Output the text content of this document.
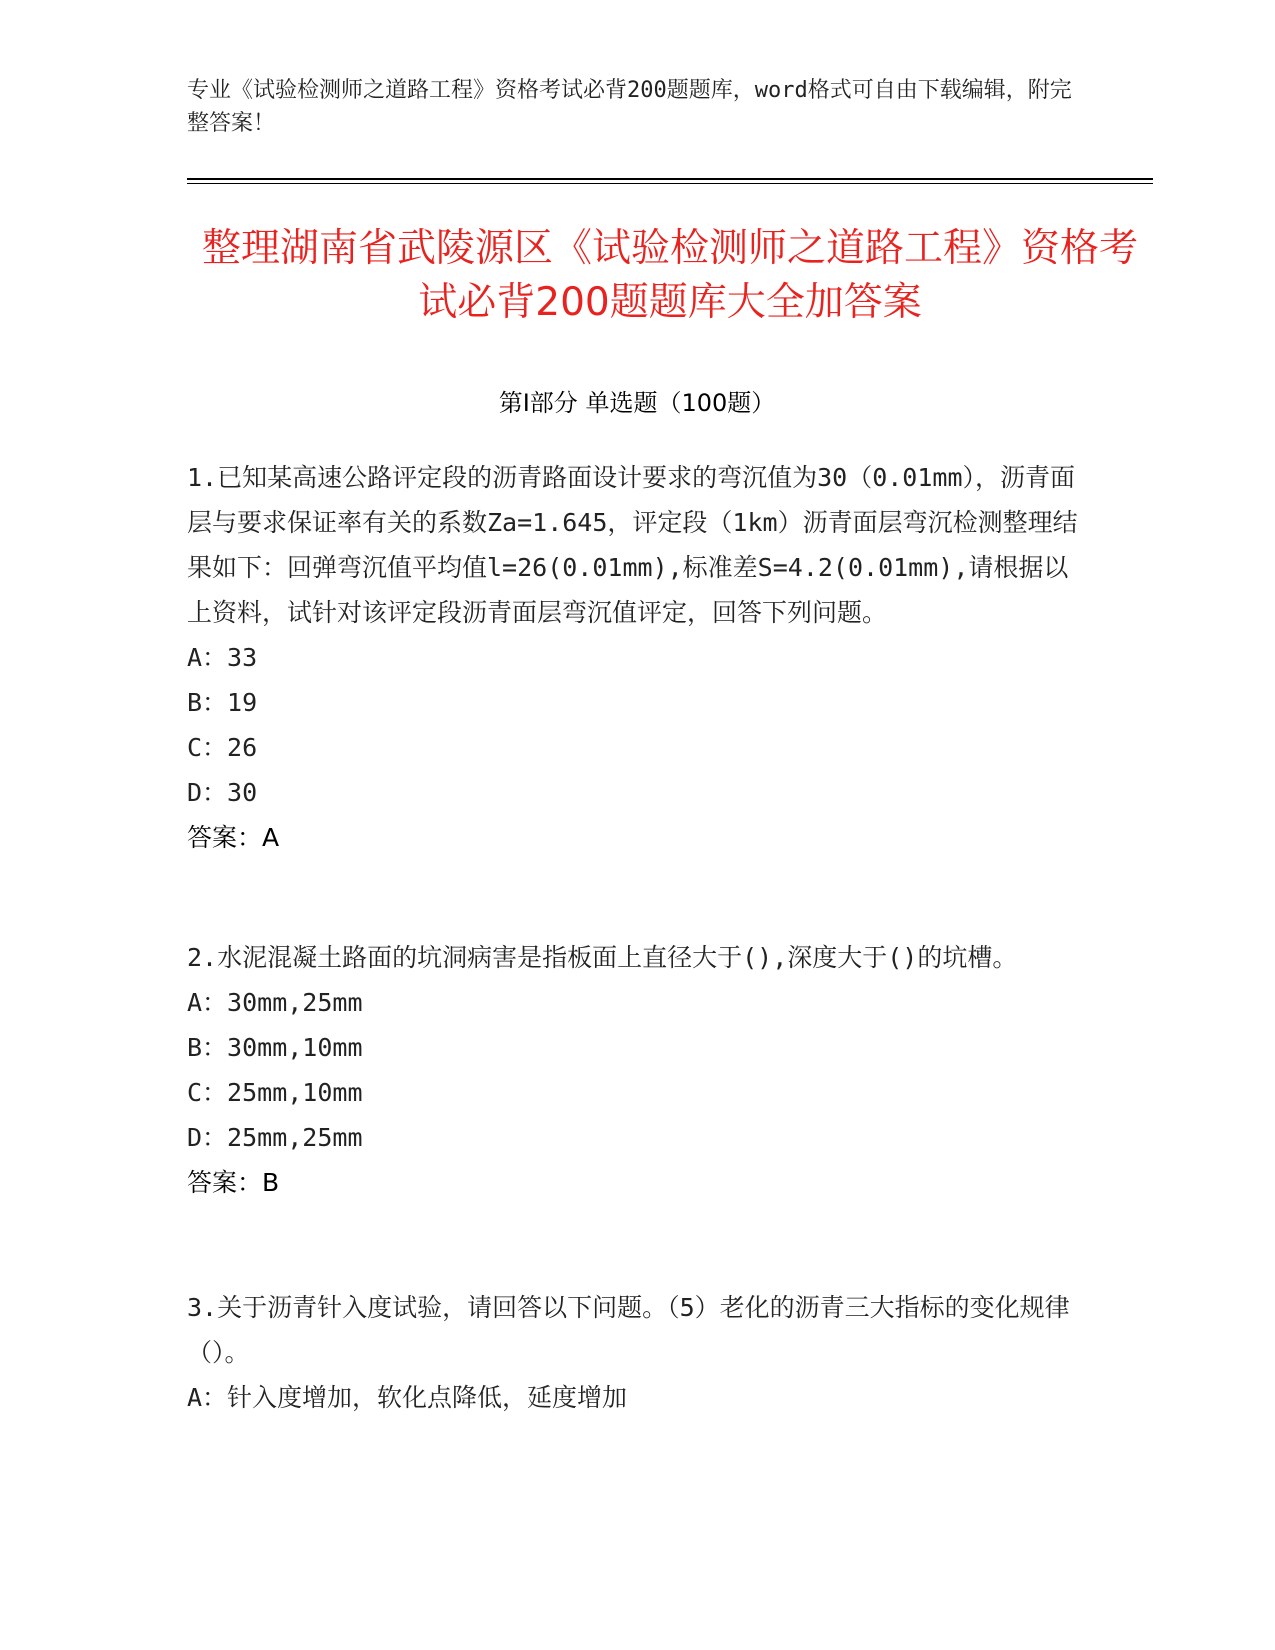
专业《试验检测师之道路工程》资格考试必背200题题库，word格式可自由下载编辑，附完整答案！
整理湖南省武陵源区《试验检测师之道路工程》资格考试必背200题题库大全加答案
第Ⅰ部分 单选题（100题）
1.已知某高速公路评定段的沥青路面设计要求的弯沉值为30（0.01mm），沥青面层与要求保证率有关的系数Za=1.645，评定段（1km）沥青面层弯沉检测整理结果如下：回弹弯沉值平均值l=26(0.01mm),标准差S=4.2(0.01mm),请根据以上资料，试针对该评定段沥青面层弯沉值评定，回答下列问题。
A：33
B：19
C：26
D：30
答案：A
2.水泥混凝土路面的坑洞病害是指板面上直径大于(),深度大于()的坑槽。
A：30mm,25mm
B：30mm,10mm
C：25mm,10mm
D：25mm,25mm
答案：B
3.关于沥青针入度试验，请回答以下问题。（5）老化的沥青三大指标的变化规律（）。
A：针入度增加，软化点降低，延度增加
